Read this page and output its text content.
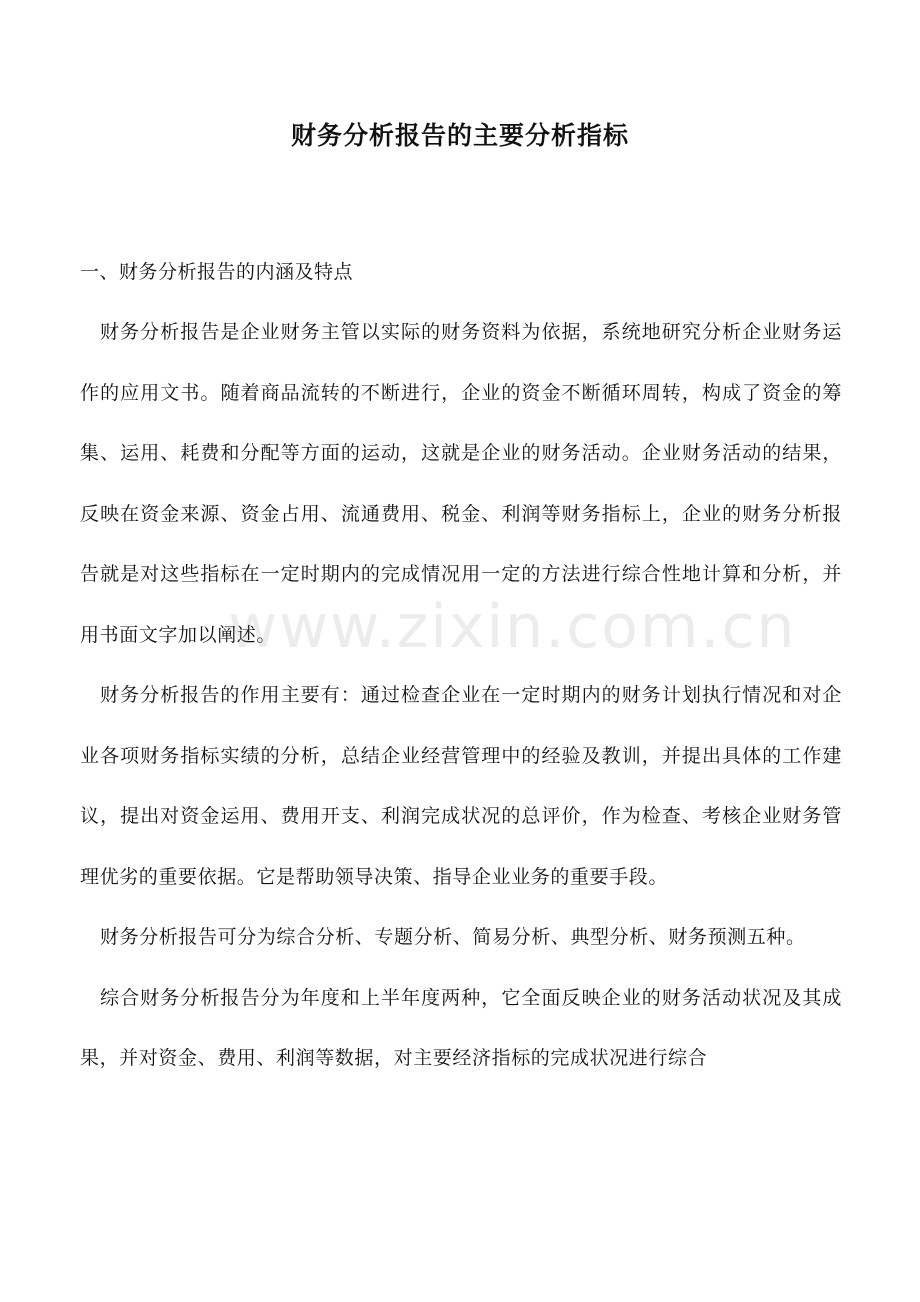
财务分析报告的主要分析指标
一、财务分析报告的内涵及特点

财务分析报告是企业财务主管以实际的财务资料为依据，系统地研究分析企业财务运作的应用文书。随着商品流转的不断进行，企业的资金不断循环周转，构成了资金的筹集、运用、耗费和分配等方面的运动，这就是企业的财务活动。企业财务活动的结果，反映在资金来源、资金占用、流通费用、税金、利润等财务指标上，企业的财务分析报告就是对这些指标在一定时期内的完成情况用一定的方法进行综合性地计算和分析，并用书面文字加以阐述。

财务分析报告的作用主要有：通过检查企业在一定时期内的财务计划执行情况和对企业各项财务指标实绩的分析，总结企业经营管理中的经验及教训，并提出具体的工作建议，提出对资金运用、费用开支、利润完成状况的总评价，作为检查、考核企业财务管理优劣的重要依据。它是帮助领导决策、指导企业业务的重要手段。

财务分析报告可分为综合分析、专题分析、简易分析、典型分析、财务预测五种。

综合财务分析报告分为年度和上半年度两种，它全面反映企业的财务活动状况及其成果，并对资金、费用、利润等数据，对主要经济指标的完成状况进行综合

www.zixin.com.cn
